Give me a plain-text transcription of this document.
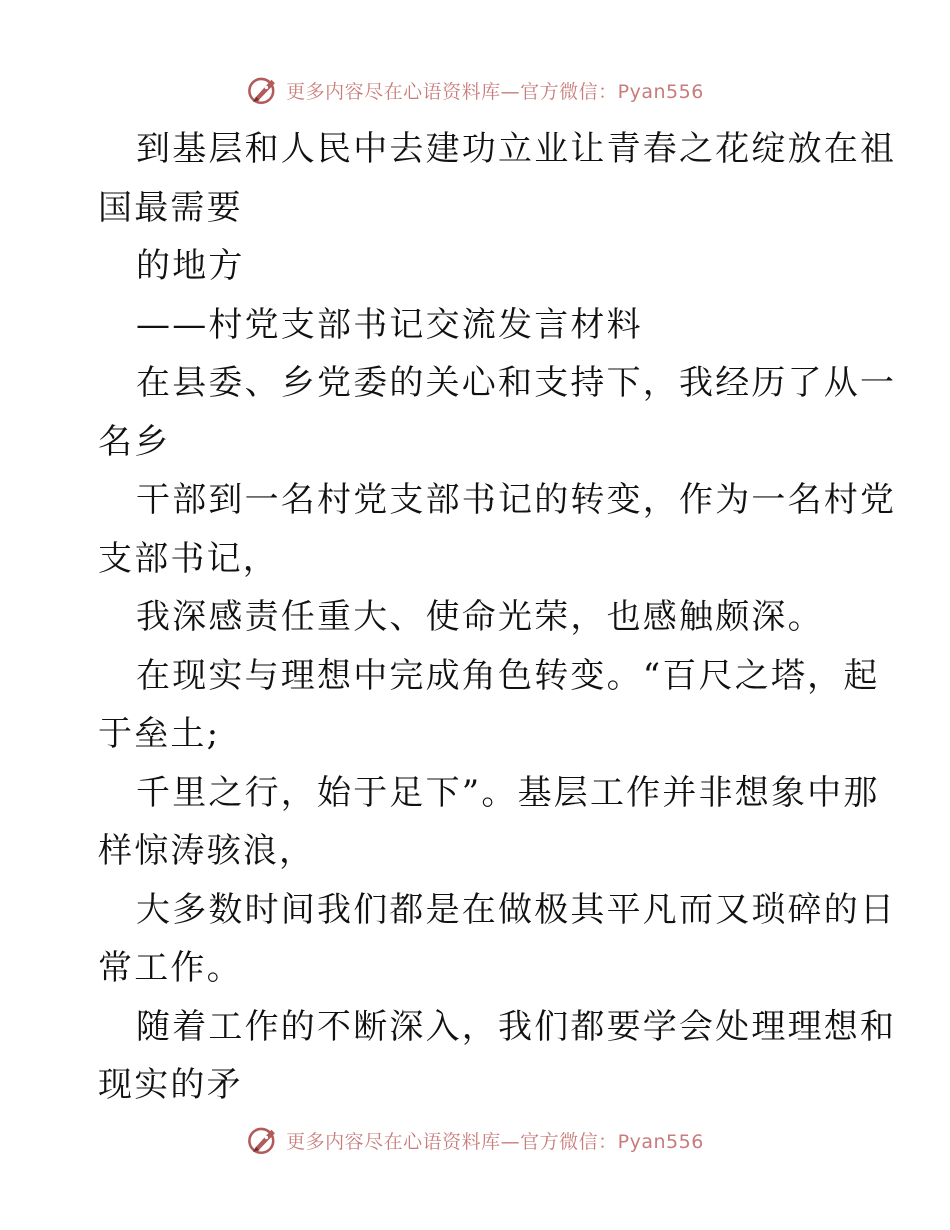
更多内容尽在心语资料库—官方微信：Pyan556
到基层和人民中去建功立业让青春之花绽放在祖
国最需要
的地方
——村党支部书记交流发言材料
在县委、乡党委的关心和支持下，我经历了从一
名乡
干部到一名村党支部书记的转变，作为一名村党
支部书记，
我深感责任重大、使命光荣，也感触颇深。
在现实与理想中完成角色转变。“百尺之塔，起
于垒土;
千里之行，始于足下”。基层工作并非想象中那
样惊涛骇浪，
大多数时间我们都是在做极其平凡而又琐碎的日
常工作。
随着工作的不断深入，我们都要学会处理理想和
现实的矛
更多内容尽在心语资料库—官方微信：Pyan556
